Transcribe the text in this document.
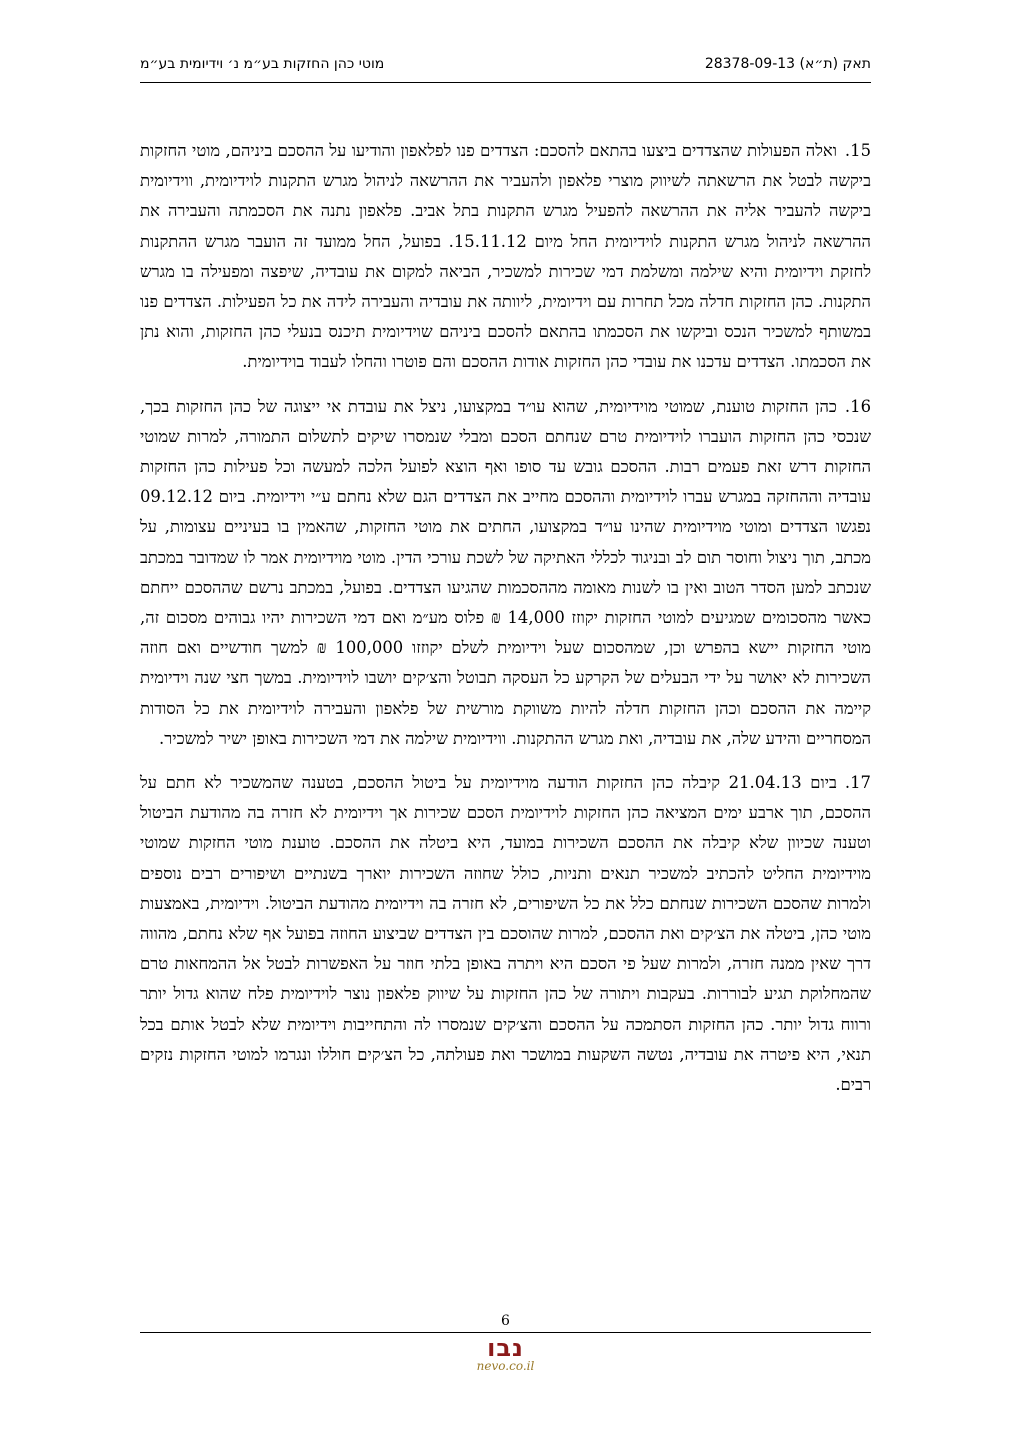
מוטי כהן החזקות בע״מ נ׳ וידיומית בע״מ	תאק (ת״א) 28378-09-13

15.ואלה הפעולות שהצדדים ביצעו בהתאם להסכם: הצדדים פנו לפלאפון והודיעו על ההסכם ביניהם, מוטי החזקות ביקשה לבטל את הרשאתה לשיווק מוצרי פלאפון ולהעביר את ההרשאה לניהול מגרש התקנות לוידיומית, ווידיומית ביקשה להעביר אליה את ההרשאה להפעיל מגרש התקנות בתל אביב. פלאפון נתנה את הסכמתה והעבירה את ההרשאה לניהול מגרש התקנות לוידיומית החל מיום 15.11.12. בפועל, החל ממועד זה הועבר מגרש ההתקנות לחזקת וידיומית והיא שילמה ומשלמת דמי שכירות למשכיר, הביאה למקום את עובדיה, שיפצה ומפעילה בו מגרש התקנות. כהן החזקות חדלה מכל תחרות עם וידיומית, ליוותה את עובדיה והעבירה לידה את כל הפעילות. הצדדים פנו במשותף למשכיר הנכס וביקשו את הסכמתו בהתאם להסכם ביניהם שוידיומית תיכנס בנעלי כהן החזקות, והוא נתן את הסכמתו. הצדדים עדכנו את עובדי כהן החזקות אודות ההסכם והם פוטרו והחלו לעבוד בוידיומית.

16.כהן החזקות טוענת, שמוטי מוידיומית, שהוא עו״ד במקצועו, ניצל את עובדת אי ייצוגה של כהן החזקות בכך, שנכסי כהן החזקות הועברו לוידיומית טרם שנחתם הסכם ומבלי שנמסרו שיקים לתשלום התמורה, למרות שמוטי החזקות דרש זאת פעמים רבות. ההסכם גובש עד סופו ואף הוצא לפועל הלכה למעשה וכל פעילות כהן החזקות עובדיה וההחזקה במגרש עברו לוידיומית וההסכם מחייב את הצדדים הגם שלא נחתם ע״י וידיומית. ביום 09.12.12 נפגשו הצדדים ומוטי מוידיומית שהינו עו״ד במקצועו, החתים את מוטי החזקות, שהאמין בו בעיניים עצומות, על מכתב, תוך ניצול וחוסר תום לב ובניגוד לכללי האתיקה של לשכת עורכי הדין. מוטי מוידיומית אמר לו שמדובר במכתב שנכתב למען הסדר הטוב ואין בו לשנות מאומה מההסכמות שהגיעו הצדדים. בפועל, במכתב נרשם שההסכם ייחתם כאשר מהסכומים שמגיעים למוטי החזקות יקוזז 14,000 ₪ פלוס מע״מ ואם דמי השכירות יהיו גבוהים מסכום זה, מוטי החזקות יישא בהפרש וכן, שמהסכום שעל וידיומית לשלם יקוזזו 100,000 ₪ למשך חודשיים ואם חוזה השכירות לא יאושר על ידי הבעלים של הקרקע כל העסקה תבוטל והצ׳קים יושבו לוידיומית. במשך חצי שנה וידיומית קיימה את ההסכם וכהן החזקות חדלה להיות משווקת מורשית של פלאפון והעבירה לוידיומית את כל הסודות המסחריים והידע שלה, את עובדיה, ואת מגרש ההתקנות. ווידיומית שילמה את דמי השכירות באופן ישיר למשכיר.

17.ביום 21.04.13 קיבלה כהן החזקות הודעה מוידיומית על ביטול ההסכם, בטענה שהמשכיר לא חתם על ההסכם, תוך ארבע ימים המציאה כהן החזקות לוידיומית הסכם שכירות אך וידיומית לא חזרה בה מהודעת הביטול וטענה שכיוון שלא קיבלה את ההסכם השכירות במועד, היא ביטלה את ההסכם. טוענת מוטי החזקות שמוטי מוידיומית החליט להכתיב למשכיר תנאים ותניות, כולל שחוזה השכירות יוארך בשנתיים ושיפורים רבים נוספים ולמרות שהסכם השכירות שנחתם כלל את כל השיפורים, לא חזרה בה וידיומית מהודעת הביטול. וידיומית, באמצעות מוטי כהן, ביטלה את הצ׳קים ואת ההסכם, למרות שהוסכם בין הצדדים שביצוע החוזה בפועל אף שלא נחתם, מהווה דרך שאין ממנה חזרה, ולמרות שעל פי הסכם היא ויתרה באופן בלתי חוזר על האפשרות לבטל אל ההמחאות טרם שהמחלוקת תגיע לבוררות. בעקבות ויתורה של כהן החזקות על שיווק פלאפון נוצר לוידיומית פלח שהוא גדול יותר ורווח גדול יותר. כהן החזקות הסתמכה על ההסכם והצ׳קים שנמסרו לה והתחייבות וידיומית שלא לבטל אותם בכל תנאי, היא פיטרה את עובדיה, נטשה השקעות במושכר ואת פעולתה, כל הצ׳קים חוללו ונגרמו למוטי החזקות נזקים רבים.

6
נבו
nevo.co.il
